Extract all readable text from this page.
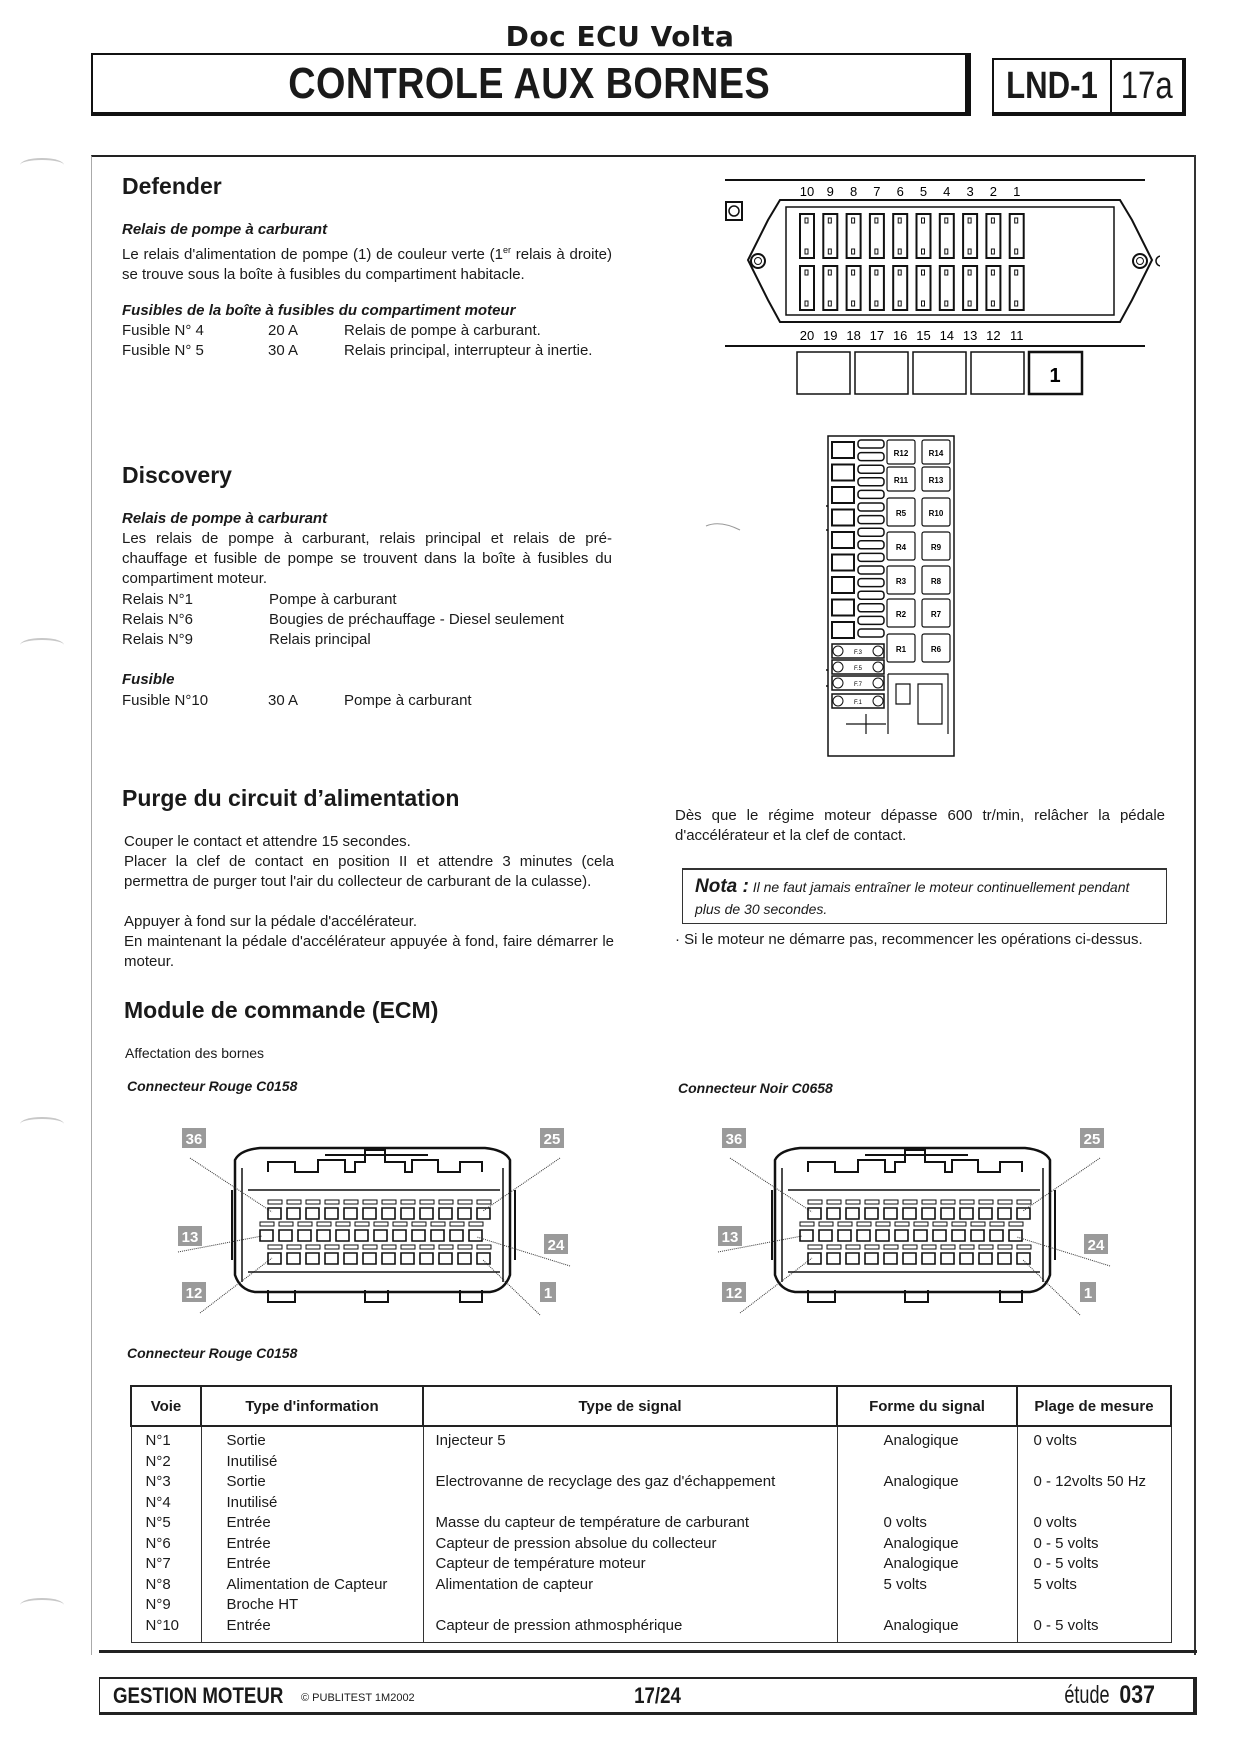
Doc ECU Volta
CONTROLE AUX BORNES	LND-1 17a
Defender
Relais de pompe à carburant
Le relais d'alimentation de pompe (1) de couleur verte (1er relais à droite) se trouve sous la boîte à fusibles du compartiment habitacle.
Fusibles de la boîte à fusibles du compartiment moteur
Fusible N° 4	20 A	Relais de pompe à carburant.
Fusible N° 5	30 A	Relais principal, interrupteur à inertie.
10 9 8 7 6 5 4 3 2 1
20 19 18 17 16 15 14 13 12 11
1
Discovery
Relais de pompe à carburant
Les relais de pompe à carburant, relais principal et relais de pré-chauffage et fusible de pompe se trouvent dans la boîte à fusibles du compartiment moteur.
Relais N°1	Pompe à carburant
Relais N°6	Bougies de préchauffage - Diesel seulement
Relais N°9	Relais principal
Fusible
Fusible N°10	30 A	Pompe à carburant
R12
R11
R5
R4
R3
R2
R1
R14
R13
R10
R9
R8
R7
R6
F.3
F.5
F.7
F.1
Purge du circuit d’alimentation
Couper le contact et attendre 15 secondes.
Placer la clef de contact en position II et attendre 3 minutes (cela permettra de purger tout l'air du collecteur de carburant de la culasse).
Appuyer à fond sur la pédale d'accélérateur.
En maintenant la pédale d'accélérateur appuyée à fond, faire démarrer le moteur.
Dès que le régime moteur dépasse 600 tr/min, relâcher la pédale d'accélérateur et la clef de contact.
Nota : Il ne faut jamais entraîner le moteur continuellement pendant plus de 30 secondes.
· Si le moteur ne démarre pas, recommencer les opérations ci-dessus.
Module de commande (ECM)
Affectation des bornes
Connecteur Rouge C0158	Connecteur Noir C0658
36	25
13	24
12	1
36	25
13	24
12	1
Connecteur Rouge C0158
Voie	Type d'information	Type de signal	Forme du signal	Plage de mesure
N°1	Sortie	Injecteur 5	Analogique	0 volts
N°2	Inutilisé			
N°3	Sortie	Electrovanne de recyclage des gaz d'échappement	Analogique	0 - 12volts 50 Hz
N°4	Inutilisé			
N°5	Entrée	Masse du capteur de température de carburant	0 volts	0 volts
N°6	Entrée	Capteur de pression absolue du collecteur	Analogique	0 - 5 volts
N°7	Entrée	Capteur de température moteur	Analogique	0 - 5 volts
N°8	Alimentation de Capteur	Alimentation de capteur	5 volts	5 volts
N°9	Broche HT			
N°10	Entrée	Capteur de pression athmosphérique	Analogique	0 - 5 volts
GESTION MOTEUR	© PUBLITEST 1M2002	17/24	étude 037
